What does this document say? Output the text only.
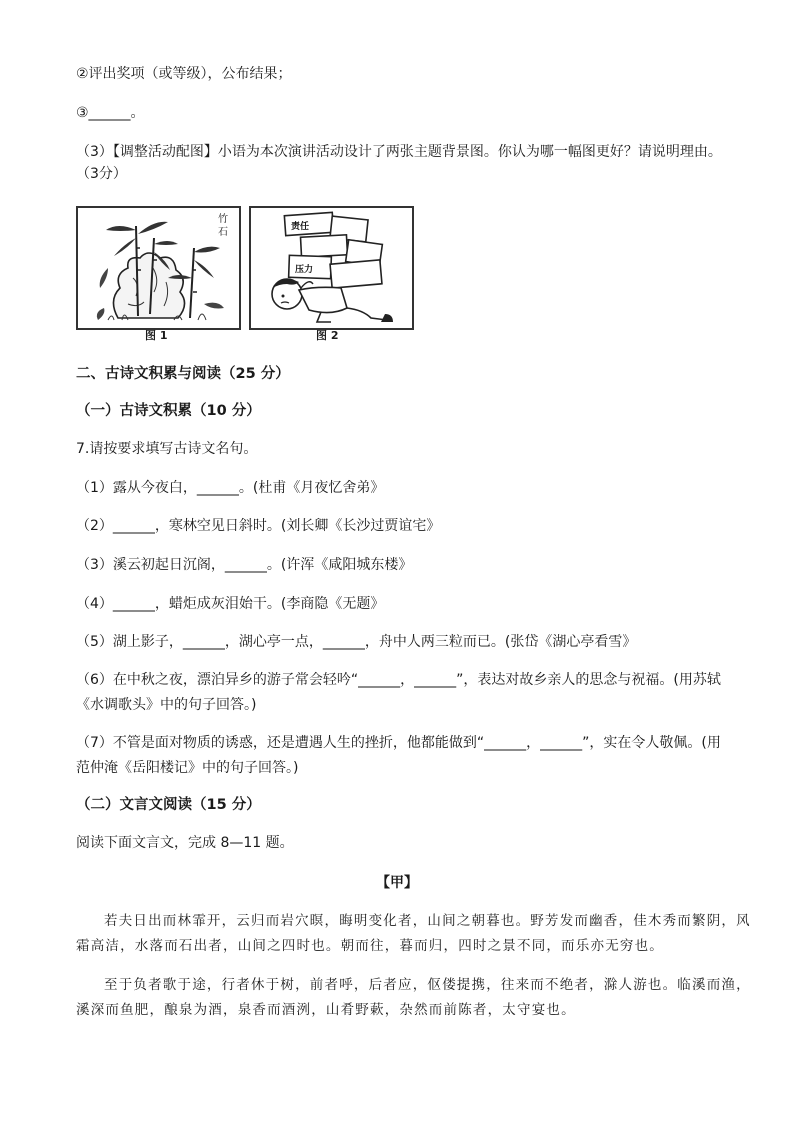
②评出奖项（或等级），公布结果；
③______。
（3）【调整活动配图】小语为本次演讲活动设计了两张主题背景图。你认为哪一幅图更好？请说明理由。
（3分）
竹
石
图 1
责任
压力
图 2
二、古诗文积累与阅读（25 分）
（一）古诗文积累（10 分）
7.请按要求填写古诗文名句。
（1）露从今夜白，______。(杜甫《月夜忆舍弟》
（2）______，寒林空见日斜时。(刘长卿《长沙过贾谊宅》
（3）溪云初起日沉阁，______。(许浑《咸阳城东楼》
（4）______，蜡炬成灰泪始干。(李商隐《无题》
（5）湖上影子，______，湖心亭一点，______，舟中人两三粒而已。(张岱《湖心亭看雪》
（6）在中秋之夜，漂泊异乡的游子常会轻吟“______，______”，表达对故乡亲人的思念与祝福。(用苏轼
《水调歌头》中的句子回答。)
（7）不管是面对物质的诱惑，还是遭遇人生的挫折，他都能做到“______，______”，实在令人敬佩。(用
范仲淹《岳阳楼记》中的句子回答。)
（二）文言文阅读（15 分）
阅读下面文言文，完成 8—11 题。
【甲】
若夫日出而林霏开，云归而岩穴暝，晦明变化者，山间之朝暮也。野芳发而幽香，佳木秀而繁阴，风
霜高洁，水落而石出者，山间之四时也。朝而往，暮而归，四时之景不同，而乐亦无穷也。
至于负者歌于途，行者休于树，前者呼，后者应，伛偻提携，往来而不绝者，滁人游也。临溪而渔，
溪深而鱼肥，酿泉为酒，泉香而酒洌，山肴野蔌，杂然而前陈者，太守宴也。
